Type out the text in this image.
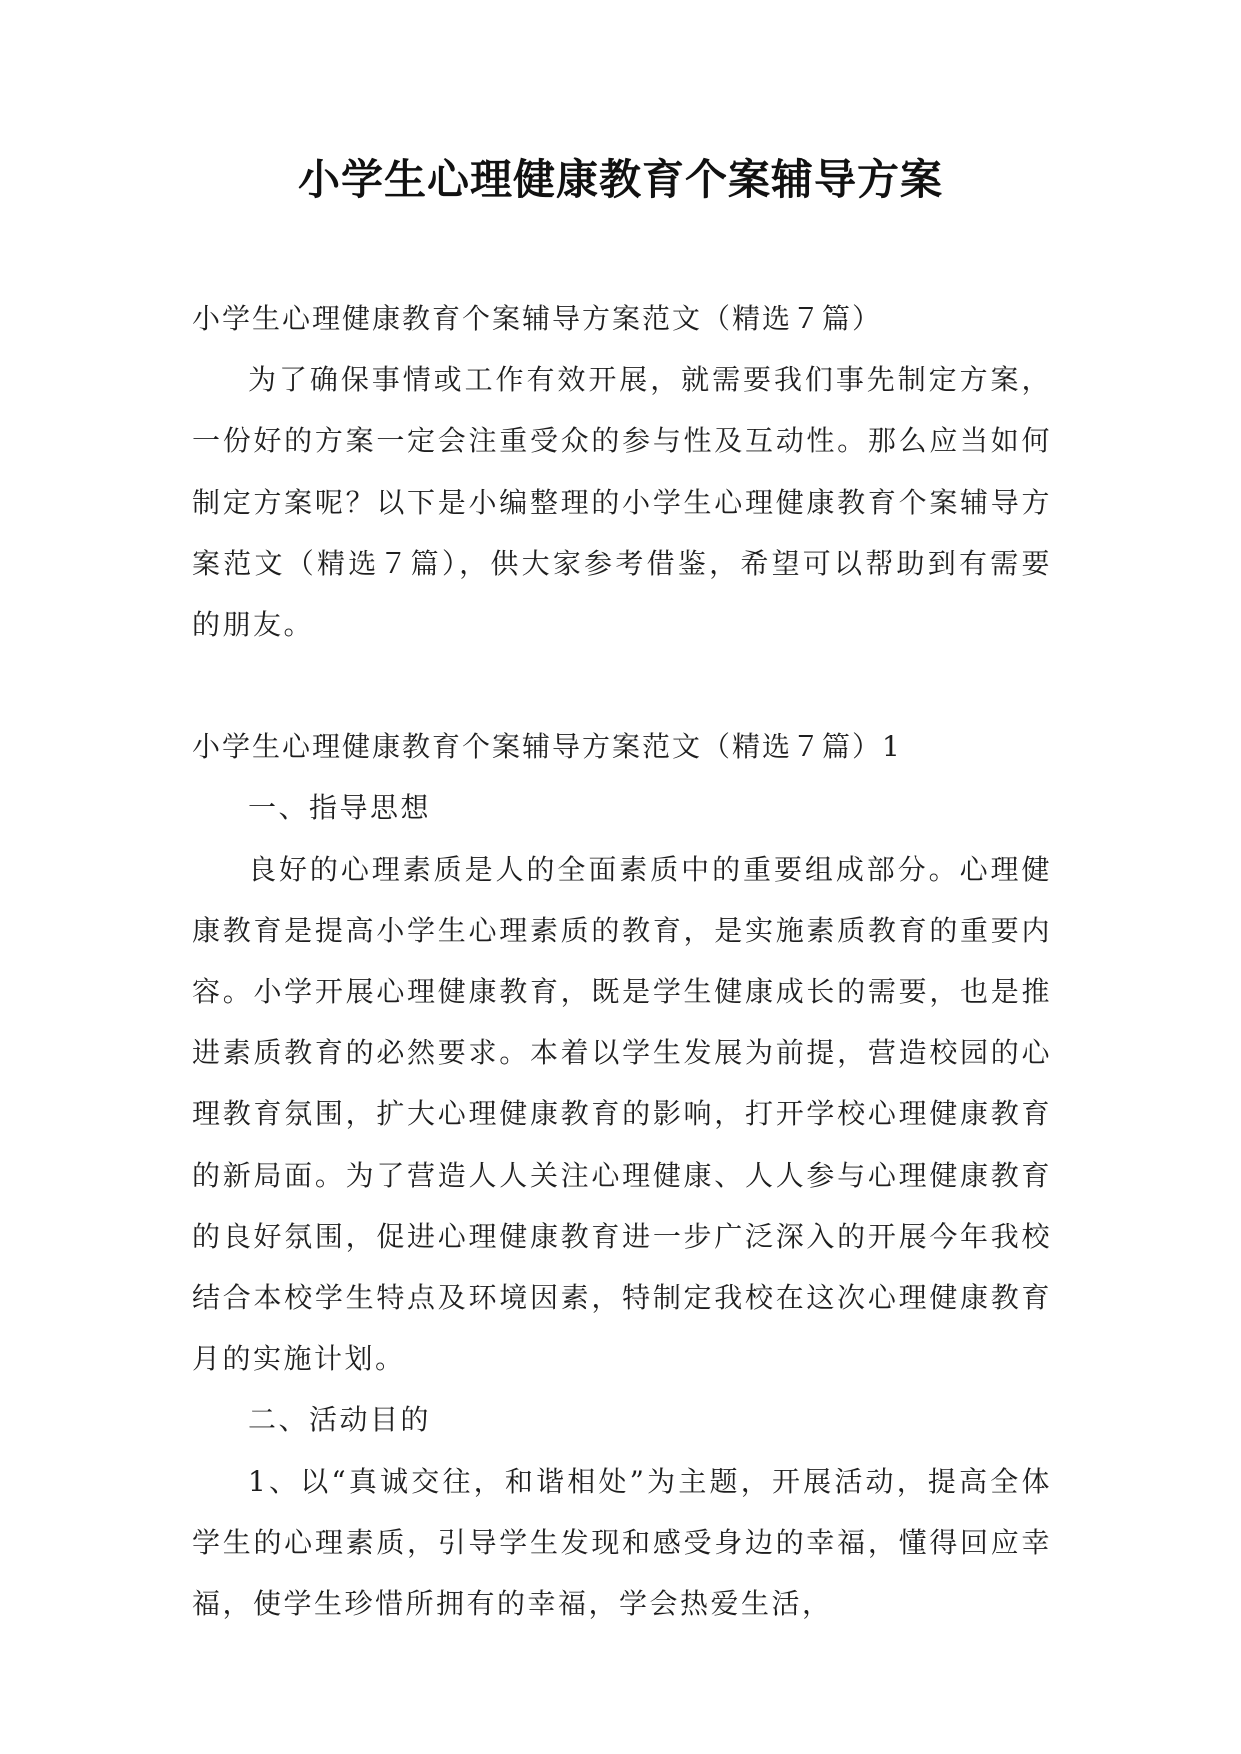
小学生心理健康教育个案辅导方案

小学生心理健康教育个案辅导方案范文（精选７篇）

为了确保事情或工作有效开展，就需要我们事先制定方案，一份好的方案一定会注重受众的参与性及互动性。那么应当如何制定方案呢？以下是小编整理的小学生心理健康教育个案辅导方案范文（精选７篇），供大家参考借鉴，希望可以帮助到有需要的朋友。

小学生心理健康教育个案辅导方案范文（精选７篇）1

一、指导思想

良好的心理素质是人的全面素质中的重要组成部分。心理健康教育是提高小学生心理素质的教育，是实施素质教育的重要内容。小学开展心理健康教育，既是学生健康成长的需要，也是推进素质教育的必然要求。本着以学生发展为前提，营造校园的心理教育氛围，扩大心理健康教育的影响，打开学校心理健康教育的新局面。为了营造人人关注心理健康、人人参与心理健康教育的良好氛围，促进心理健康教育进一步广泛深入的开展今年我校结合本校学生特点及环境因素，特制定我校在这次心理健康教育月的实施计划。

二、活动目的

1、以“真诚交往，和谐相处”为主题，开展活动，提高全体学生的心理素质，引导学生发现和感受身边的幸福，懂得回应幸福，使学生珍惜所拥有的幸福，学会热爱生活，
